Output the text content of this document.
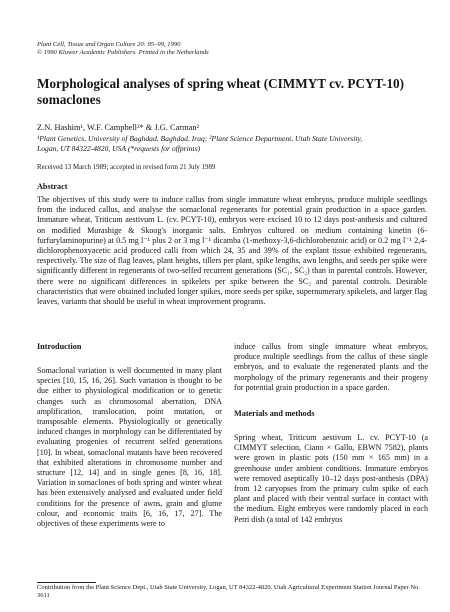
Plant Cell, Tissue and Organ Culture 20: 95–99, 1990
© 1990 Kluwer Academic Publishers. Printed in the Netherlands
Morphological analyses of spring wheat (CIMMYT cv. PCYT-10) somaclones
Z.N. Hashim¹, W.F. Campbell²* & J.G. Carman²
¹Plant Genetics, University of Baghdad, Baghdad, Iraq; ²Plant Science Department, Utah State University,
Logan, UT 84322-4820, USA (*requests for offprints)
Received 13 March 1989; accepted in revised form 21 July 1989
Abstract

The objectives of this study were to induce callus from single immature wheat embryos, produce multiple seedlings from the induced callus, and analyse the somaclonal regenerants for potential grain production in a space garden. Immature wheat, Triticum aestivum L. (cv. PCYT-10), embryos were excised 10 to 12 days post-anthesis and cultured on modified Murashige & Skoog's inorganic salts. Embryos cultured on medium containing kinetin (6-furfurylaminopurine) at 0.5 mg l⁻¹ plus 2 or 3 mg l⁻¹ dicamba (1-methoxy-3,6-dichlorobenzoic acid) or 0.2 mg l⁻¹ 2,4-dichlorophenoxyacetic acid produced calli from which 24, 35 and 39% of the explant tissue exhibited regenerants, respectively. The size of flag leaves, plant heights, tillers per plant, spike lengths, awn lengths, and seeds per spike were significantly different in regenerants of two-selfed recurrent generations (SC₁, SC₂) than in parental controls. However, there were no significant differences in spikelets per spike between the SC₂ and parental controls. Desirable characteristics that were obtained included longer spikes, more seeds per spike, supernumerary spikelets, and larger flag leaves, variants that should be useful in wheat improvement programs.

Introduction

Somaclonal variation is well documented in many plant species [10, 15, 16, 26]. Such variation is thought to be due either to physiological modification or to genetic changes such as chromosomal aberration, DNA amplification, translocation, point mutation, or transposable elements. Physiologically or genetically induced changes in morphology can be differentiated by evaluating progenies of recurrent selfed generations [10]. In wheat, somaclonal mutants have been recovered that exhibited alterations in chromosome number and structure [12, 14] and in single genes [8, 16, 18]. Variation in somaclones of both spring and winter wheat has been extensively analysed and evaluated under field conditions for the presence of awns, grain and glume colour, and economic traits [6, 16, 17, 27]. The objectives of these experiments were to

induce callus from single immature wheat embryos, produce multiple seedlings from the callus of these single embryos, and to evaluate the regenerated plants and the morphology of the primary regenerants and their progeny for potential grain production in a space garden.

Materials and methods

Spring wheat, Triticum aestivum L. cv. PCYT-10 (a CIMMYT selection, Ciano × Gallo, EBWN 7582), plants were grown in plastic pots (150 mm × 165 mm) in a greenhouse under ambient conditions. Immature embryos were removed aseptically 10–12 days post-anthesis (DPA) from 12 caryopses from the primary culm spike of each plant and placed with their ventral surface in contact with the medium. Eight embryos were randomly placed in each Petri dish (a total of 142 embryos

Contribution from the Plant Science Dept., Utah State University, Logan, UT 84322-4820. Utah Agricultural Experiment Station Journal Paper No. 3611
